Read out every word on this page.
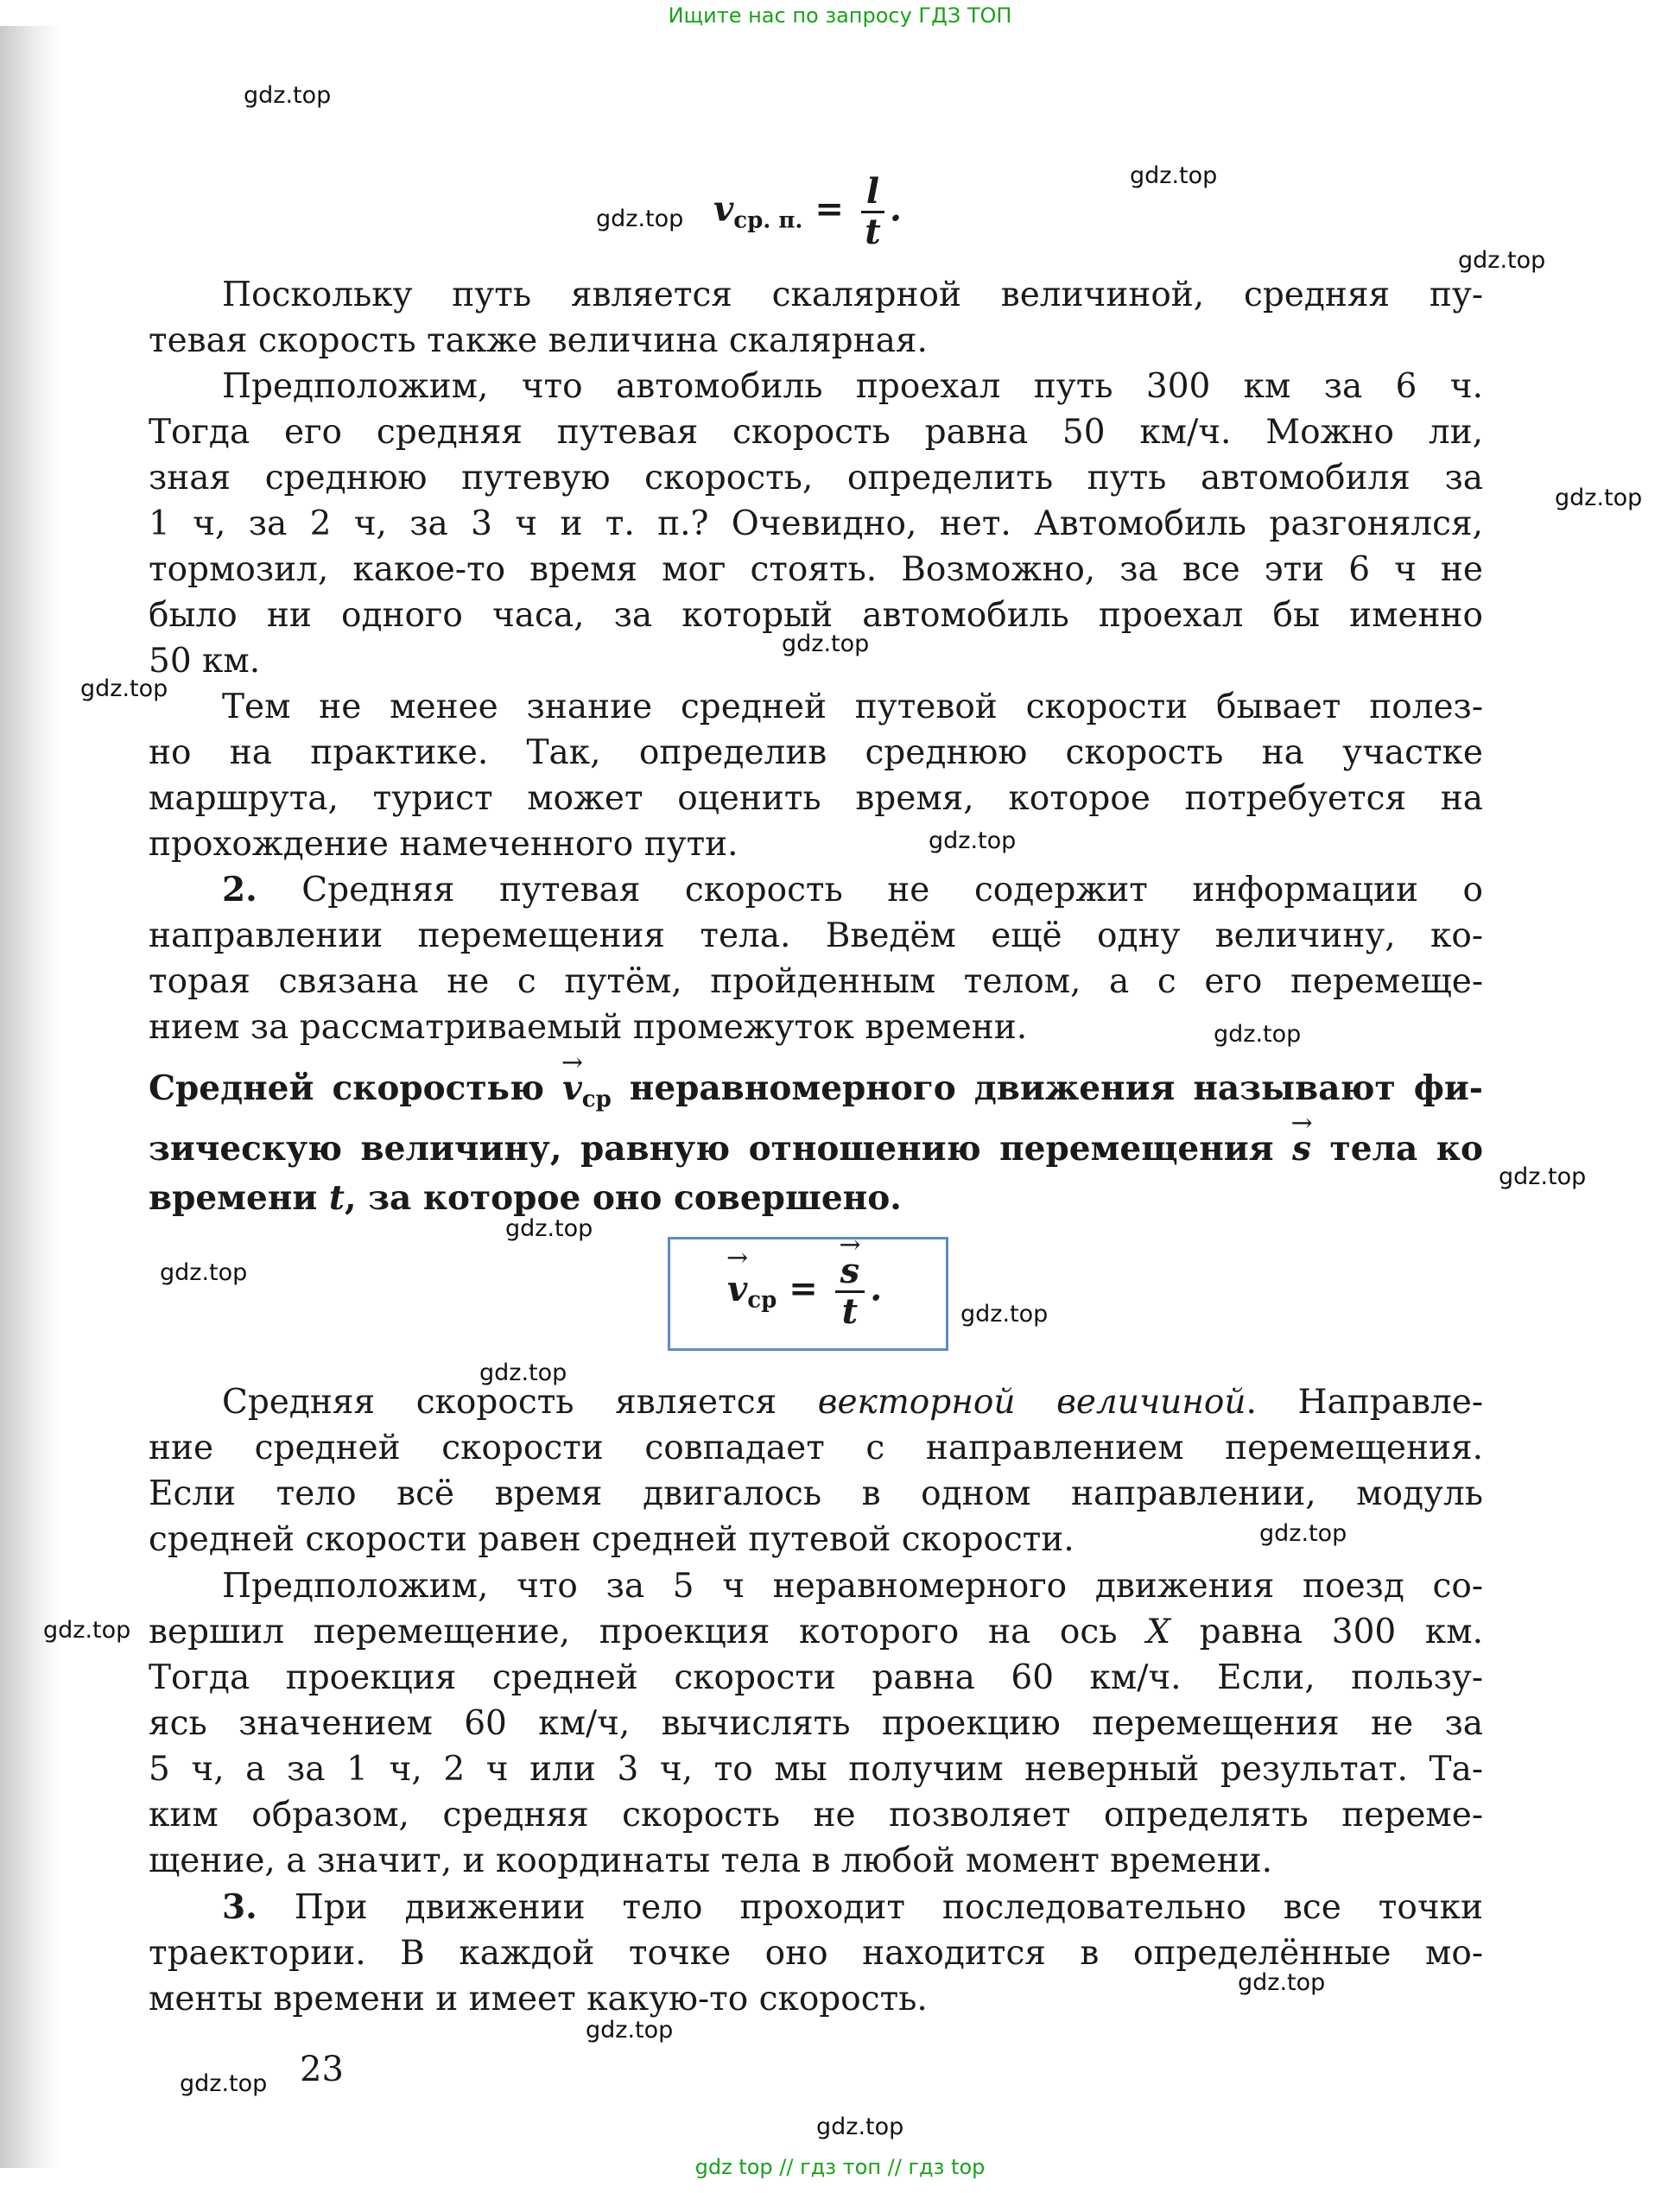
Ищите нас по запросу ГДЗ ТОП
gdz.top
gdz.top
gdz.top
gdz.top
gdz.top
gdz.top
gdz.top
gdz.top
gdz.top
gdz.top
gdz.top
gdz.top
gdz.top
gdz.top
gdz.top
gdz.top
gdz.top
gdz.top
gdz.top
gdz.top
$v_{ср. п.} = \frac{l}{t}$ .
Поскольку путь является скалярной величиной, средняя пу-
тевая скорость также величина скалярная.
Предположим, что автомобиль проехал путь 300 км за 6 ч.
Тогда его средняя путевая скорость равна 50 км/ч. Можно ли,
зная среднюю путевую скорость, определить путь автомобиля за
1 ч, за 2 ч, за 3 ч и т. п.? Очевидно, нет. Автомобиль разгонялся,
тормозил, какое-то время мог стоять. Возможно, за все эти 6 ч не
было ни одного часа, за который автомобиль проехал бы именно
50 км.
Тем не менее знание средней путевой скорости бывает полез-
но на практике. Так, определив среднюю скорость на участке
маршрута, турист может оценить время, которое потребуется на
прохождение намеченного пути.
2. Средняя путевая скорость не содержит информации о
направлении перемещения тела. Введём ещё одну величину, ко-
торая связана не с путём, пройденным телом, а с его перемеще-
нием за рассматриваемый промежуток времени.
Средней скоростью → $v_{ср}$ неравномерного движения называют фи-
зическую величину, равную отношению перемещения → s тела ко
времени t, за которое оно совершено.
→ $v_{ср}$ =
→ $\frac{s}{t}$ .
Средняя скорость является векторной величиной. Направле-
ние средней скорости совпадает с направлением перемещения.
Если тело всё время двигалось в одном направлении, модуль
средней скорости равен средней путевой скорости.
Предположим, что за 5 ч неравномерного движения поезд со-
вершил перемещение, проекция которого на ось X равна 300 км.
Тогда проекция средней скорости равна 60 км/ч. Если, пользу-
ясь значением 60 км/ч, вычислять проекцию перемещения не за
5 ч, а за 1 ч, 2 ч или 3 ч, то мы получим неверный результат. Та-
ким образом, средняя скорость не позволяет определять переме-
щение, а значит, и координаты тела в любой момент времени.
3. При движении тело проходит последовательно все точки
траектории. В каждой точке оно находится в определённые мо-
менты времени и имеет какую-то скорость.
23
gdz top // гдз топ // гдз top
